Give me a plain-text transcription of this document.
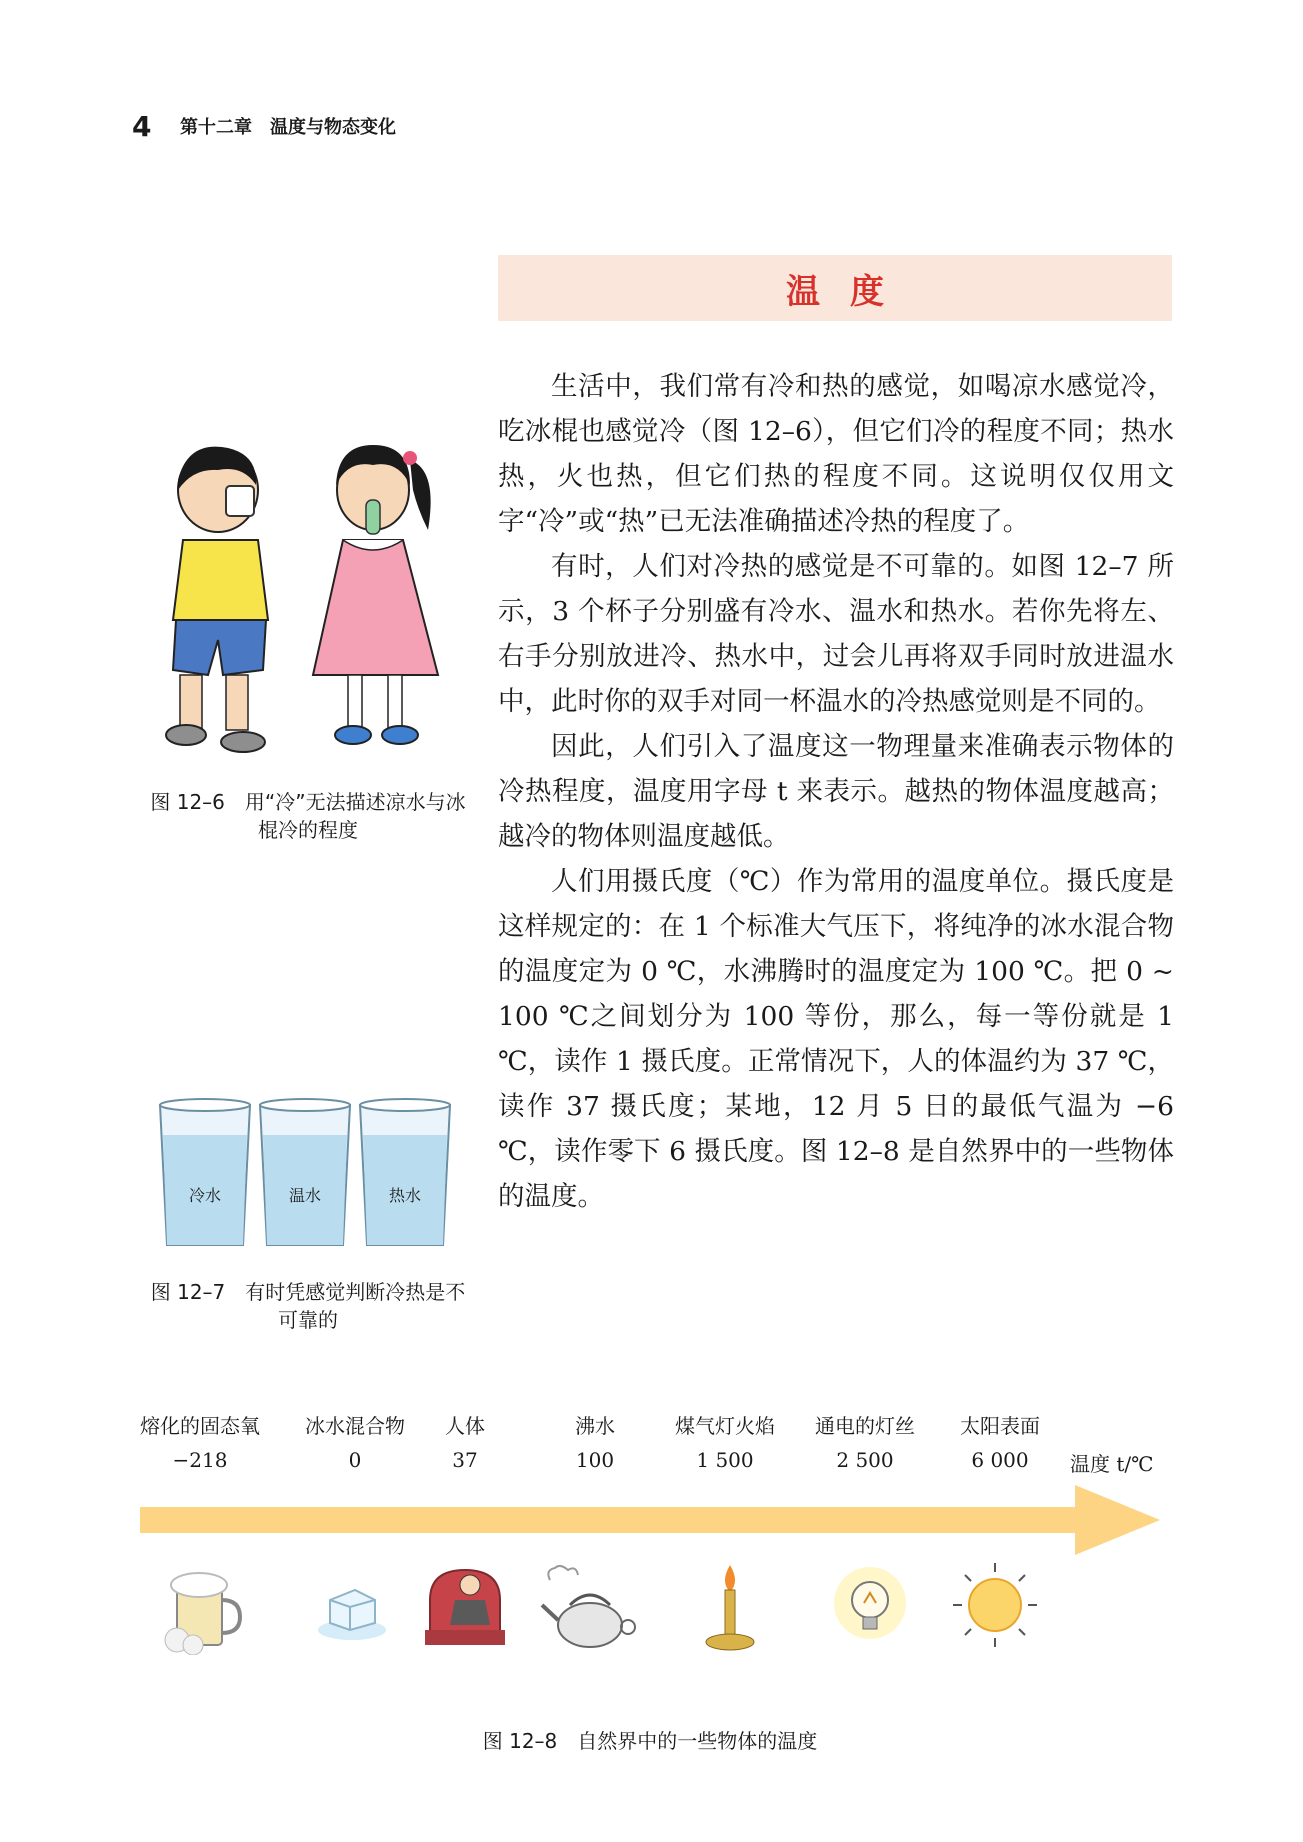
4 第十二章　温度与物态变化
温度
图 12–6　用“冷”无法描述凉水与冰棍冷的程度
冷水	温水	热水
图 12–7　有时凭感觉判断冷热是不可靠的

生活中，我们常有冷和热的感觉，如喝凉水感觉冷，吃冰棍也感觉冷（图 12–6），但它们冷的程度不同；热水热，火也热，但它们热的程度不同。这说明仅仅用文字“冷”或“热”已无法准确描述冷热的程度了。

有时，人们对冷热的感觉是不可靠的。如图 12–7 所示，3 个杯子分别盛有冷水、温水和热水。若你先将左、右手分别放进冷、热水中，过会儿再将双手同时放进温水中，此时你的双手对同一杯温水的冷热感觉则是不同的。

因此，人们引入了温度这一物理量来准确表示物体的冷热程度，温度用字母 t 来表示。越热的物体温度越高；越冷的物体则温度越低。

人们用摄氏度（℃）作为常用的温度单位。摄氏度是这样规定的：在 1 个标准大气压下，将纯净的冰水混合物的温度定为 0 ℃，水沸腾时的温度定为 100 ℃。把 0 ~ 100 ℃之间划分为 100 等份，那么，每一等份就是 1 ℃，读作 1 摄氏度。正常情况下，人的体温约为 37 ℃，读作 37 摄氏度；某地，12 月 5 日的最低气温为 −6 ℃，读作零下 6 摄氏度。图 12–8 是自然界中的一些物体的温度。

熔化的固态氧	冰水混合物	人体	沸水	煤气灯火焰	通电的灯丝	太阳表面
−218	0	37	100	1 500	2 500	6 000	温度 t/℃
图 12–8　自然界中的一些物体的温度
